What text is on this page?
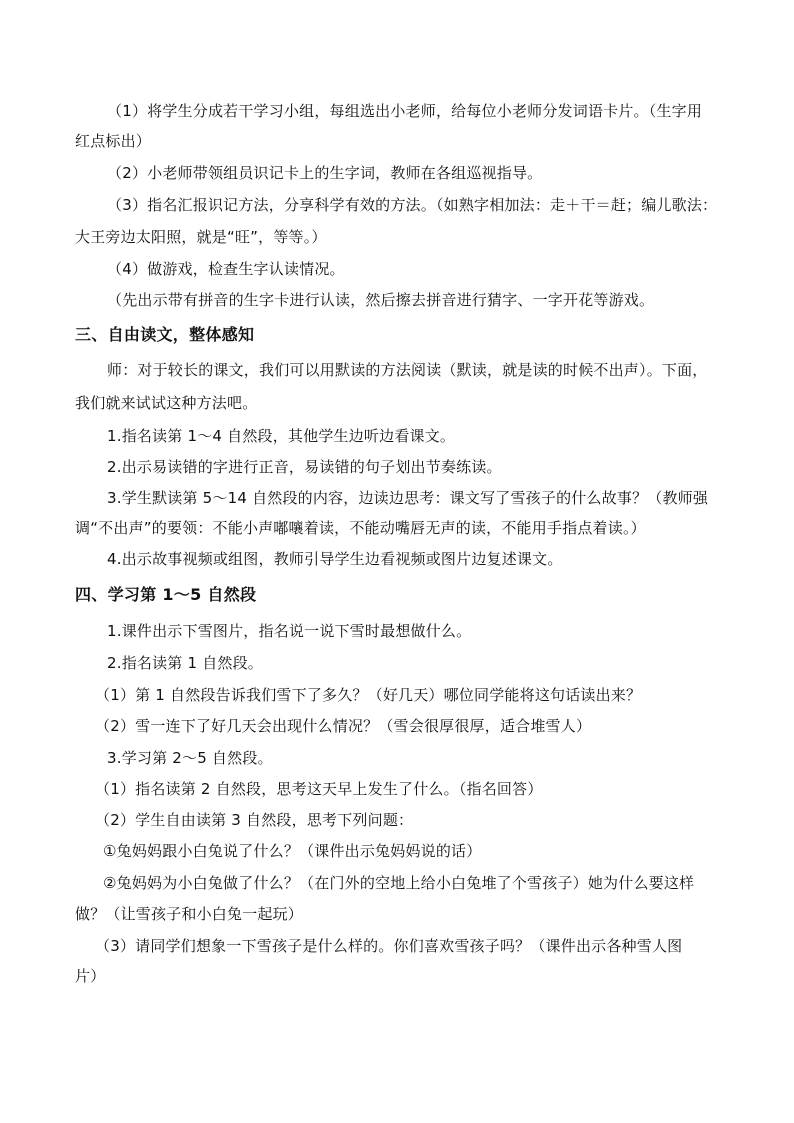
（1）将学生分成若干学习小组，每组选出小老师，给每位小老师分发词语卡片。（生字用
红点标出）
（2）小老师带领组员识记卡上的生字词，教师在各组巡视指导。
（3）指名汇报识记方法，分享科学有效的方法。（如熟字相加法：走＋干＝赶；编儿歌法：
大王旁边太阳照，就是“旺”，等等。）
（4）做游戏，检查生字认读情况。
（先出示带有拼音的生字卡进行认读，然后擦去拼音进行猜字、一字开花等游戏。
三、自由读文，整体感知
师：对于较长的课文，我们可以用默读的方法阅读（默读，就是读的时候不出声）。下面，
我们就来试试这种方法吧。
1.指名读第 1～4 自然段，其他学生边听边看课文。
2.出示易读错的字进行正音，易读错的句子划出节奏练读。
3.学生默读第 5～14 自然段的内容，边读边思考：课文写了雪孩子的什么故事？（教师强
调“不出声”的要领：不能小声嘟嚷着读，不能动嘴唇无声的读，不能用手指点着读。）
4.出示故事视频或组图，教师引导学生边看视频或图片边复述课文。
四、学习第 1～5 自然段
1.课件出示下雪图片，指名说一说下雪时最想做什么。
2.指名读第 1 自然段。
（1）第 1 自然段告诉我们雪下了多久？（好几天）哪位同学能将这句话读出来？
（2）雪一连下了好几天会出现什么情况？（雪会很厚很厚，适合堆雪人）
3.学习第 2～5 自然段。
（1）指名读第 2 自然段，思考这天早上发生了什么。（指名回答）
（2）学生自由读第 3 自然段，思考下列问题：
①兔妈妈跟小白兔说了什么？（课件出示兔妈妈说的话）
②兔妈妈为小白兔做了什么？（在门外的空地上给小白兔堆了个雪孩子）她为什么要这样
做？（让雪孩子和小白兔一起玩）
（3）请同学们想象一下雪孩子是什么样的。你们喜欢雪孩子吗？（课件出示各种雪人图
片）
